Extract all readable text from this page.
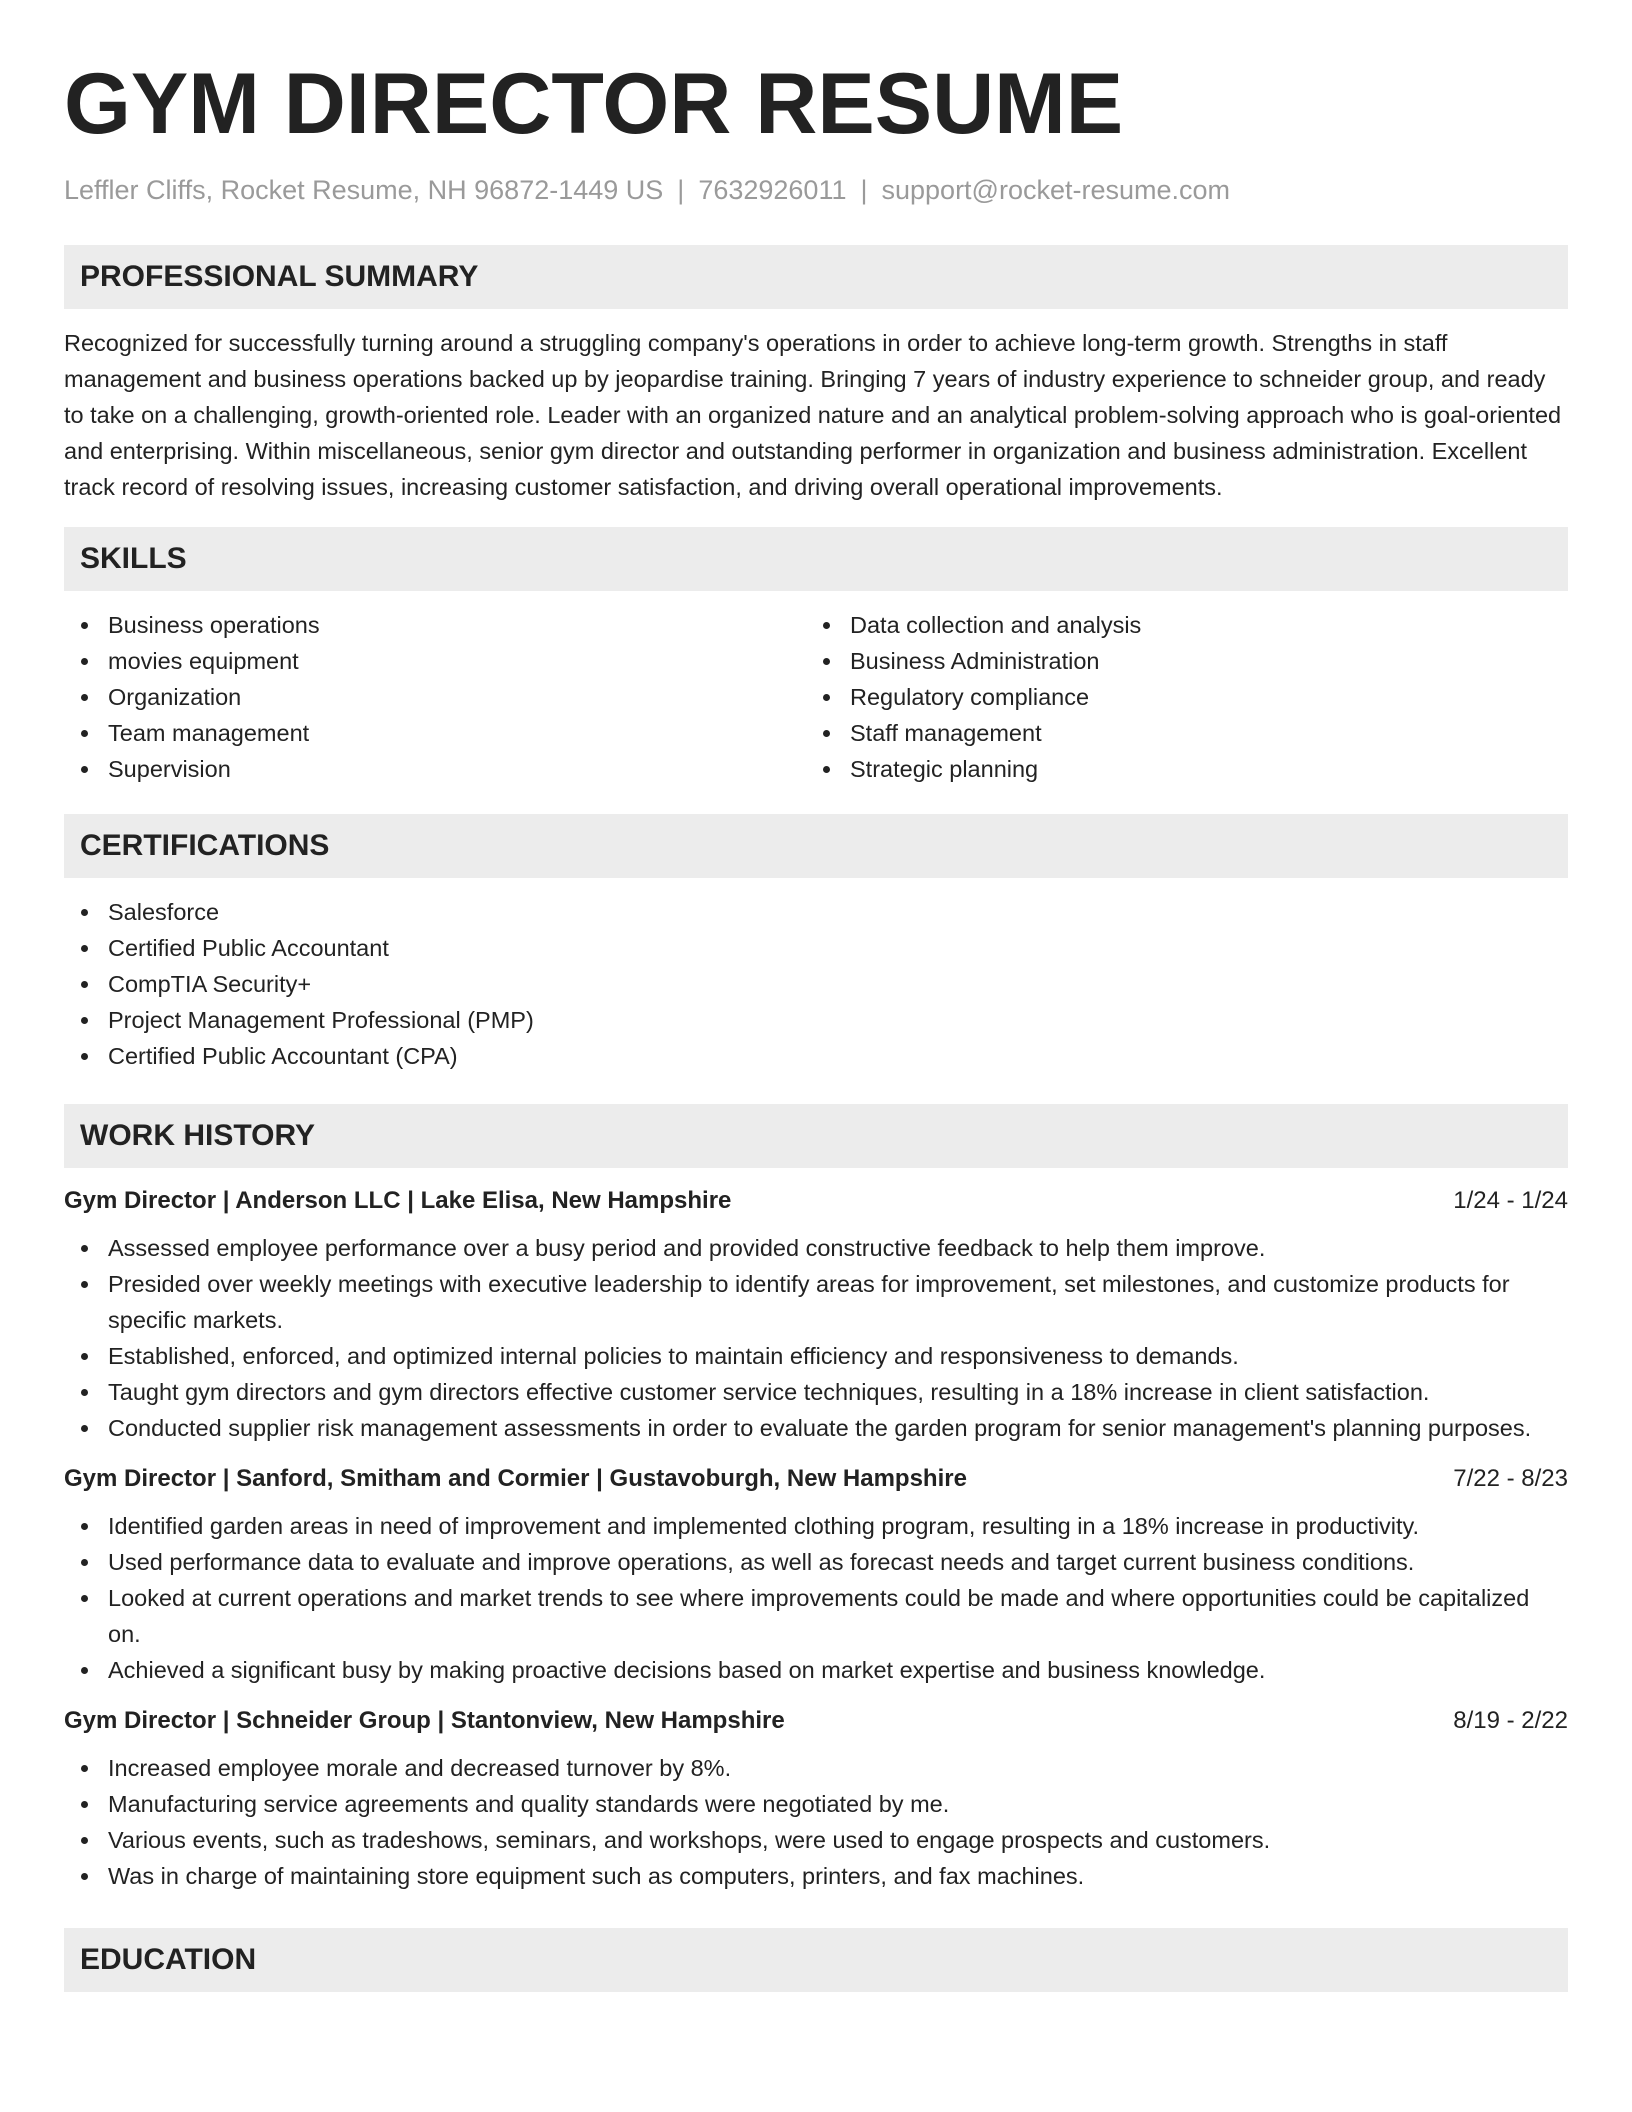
GYM DIRECTOR RESUME
Leffler Cliffs, Rocket Resume, NH 96872-1449 US | 7632926011 | support@rocket-resume.com
PROFESSIONAL SUMMARY

Recognized for successfully turning around a struggling company's operations in order to achieve long-term growth. Strengths in staff management and business operations backed up by jeopardise training. Bringing 7 years of industry experience to schneider group, and ready to take on a challenging, growth-oriented role. Leader with an organized nature and an analytical problem-solving approach who is goal-oriented and enterprising. Within miscellaneous, senior gym director and outstanding performer in organization and business administration. Excellent track record of resolving issues, increasing customer satisfaction, and driving overall operational improvements.

SKILLS
Business operations
movies equipment
Organization
Team management
Supervision
Data collection and analysis
Business Administration
Regulatory compliance
Staff management
Strategic planning
CERTIFICATIONS
Salesforce
Certified Public Accountant
CompTIA Security+
Project Management Professional (PMP)
Certified Public Accountant (CPA)
WORK HISTORY
Gym Director | Anderson LLC | Lake Elisa, New Hampshire	1/24 - 1/24
Assessed employee performance over a busy period and provided constructive feedback to help them improve.
Presided over weekly meetings with executive leadership to identify areas for improvement, set milestones, and customize products for specific markets.
Established, enforced, and optimized internal policies to maintain efficiency and responsiveness to demands.
Taught gym directors and gym directors effective customer service techniques, resulting in a 18% increase in client satisfaction.
Conducted supplier risk management assessments in order to evaluate the garden program for senior management's planning purposes.
Gym Director | Sanford, Smitham and Cormier | Gustavoburgh, New Hampshire	7/22 - 8/23
Identified garden areas in need of improvement and implemented clothing program, resulting in a 18% increase in productivity.
Used performance data to evaluate and improve operations, as well as forecast needs and target current business conditions.
Looked at current operations and market trends to see where improvements could be made and where opportunities could be capitalized on.
Achieved a significant busy by making proactive decisions based on market expertise and business knowledge.
Gym Director | Schneider Group | Stantonview, New Hampshire	8/19 - 2/22
Increased employee morale and decreased turnover by 8%.
Manufacturing service agreements and quality standards were negotiated by me.
Various events, such as tradeshows, seminars, and workshops, were used to engage prospects and customers.
Was in charge of maintaining store equipment such as computers, printers, and fax machines.
EDUCATION
